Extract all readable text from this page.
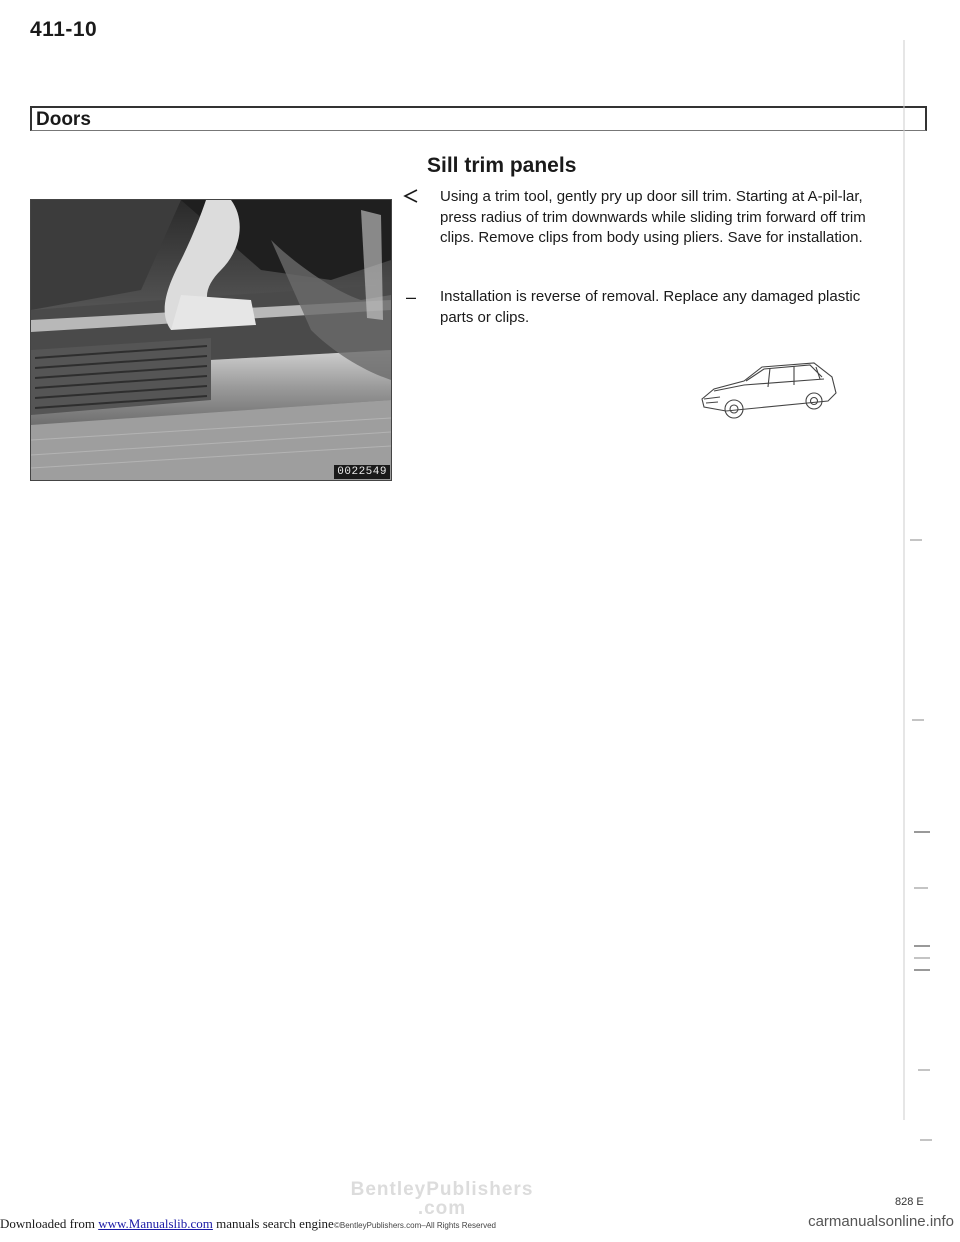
411-10
Doors
0022549
Sill trim panels
Using a trim tool, gently pry up door sill trim. Starting at A-pil-lar, press radius of trim downwards while sliding trim forward off trim clips. Remove clips from body using pliers. Save for installation.
–	Installation is reverse of removal. Replace any damaged plastic parts or clips.
BentleyPublishers
.com	828 E
Downloaded from www.Manualslib.com manuals search engine ©BentleyPublishers.com–All Rights Reserved	carmanualsonline.info
